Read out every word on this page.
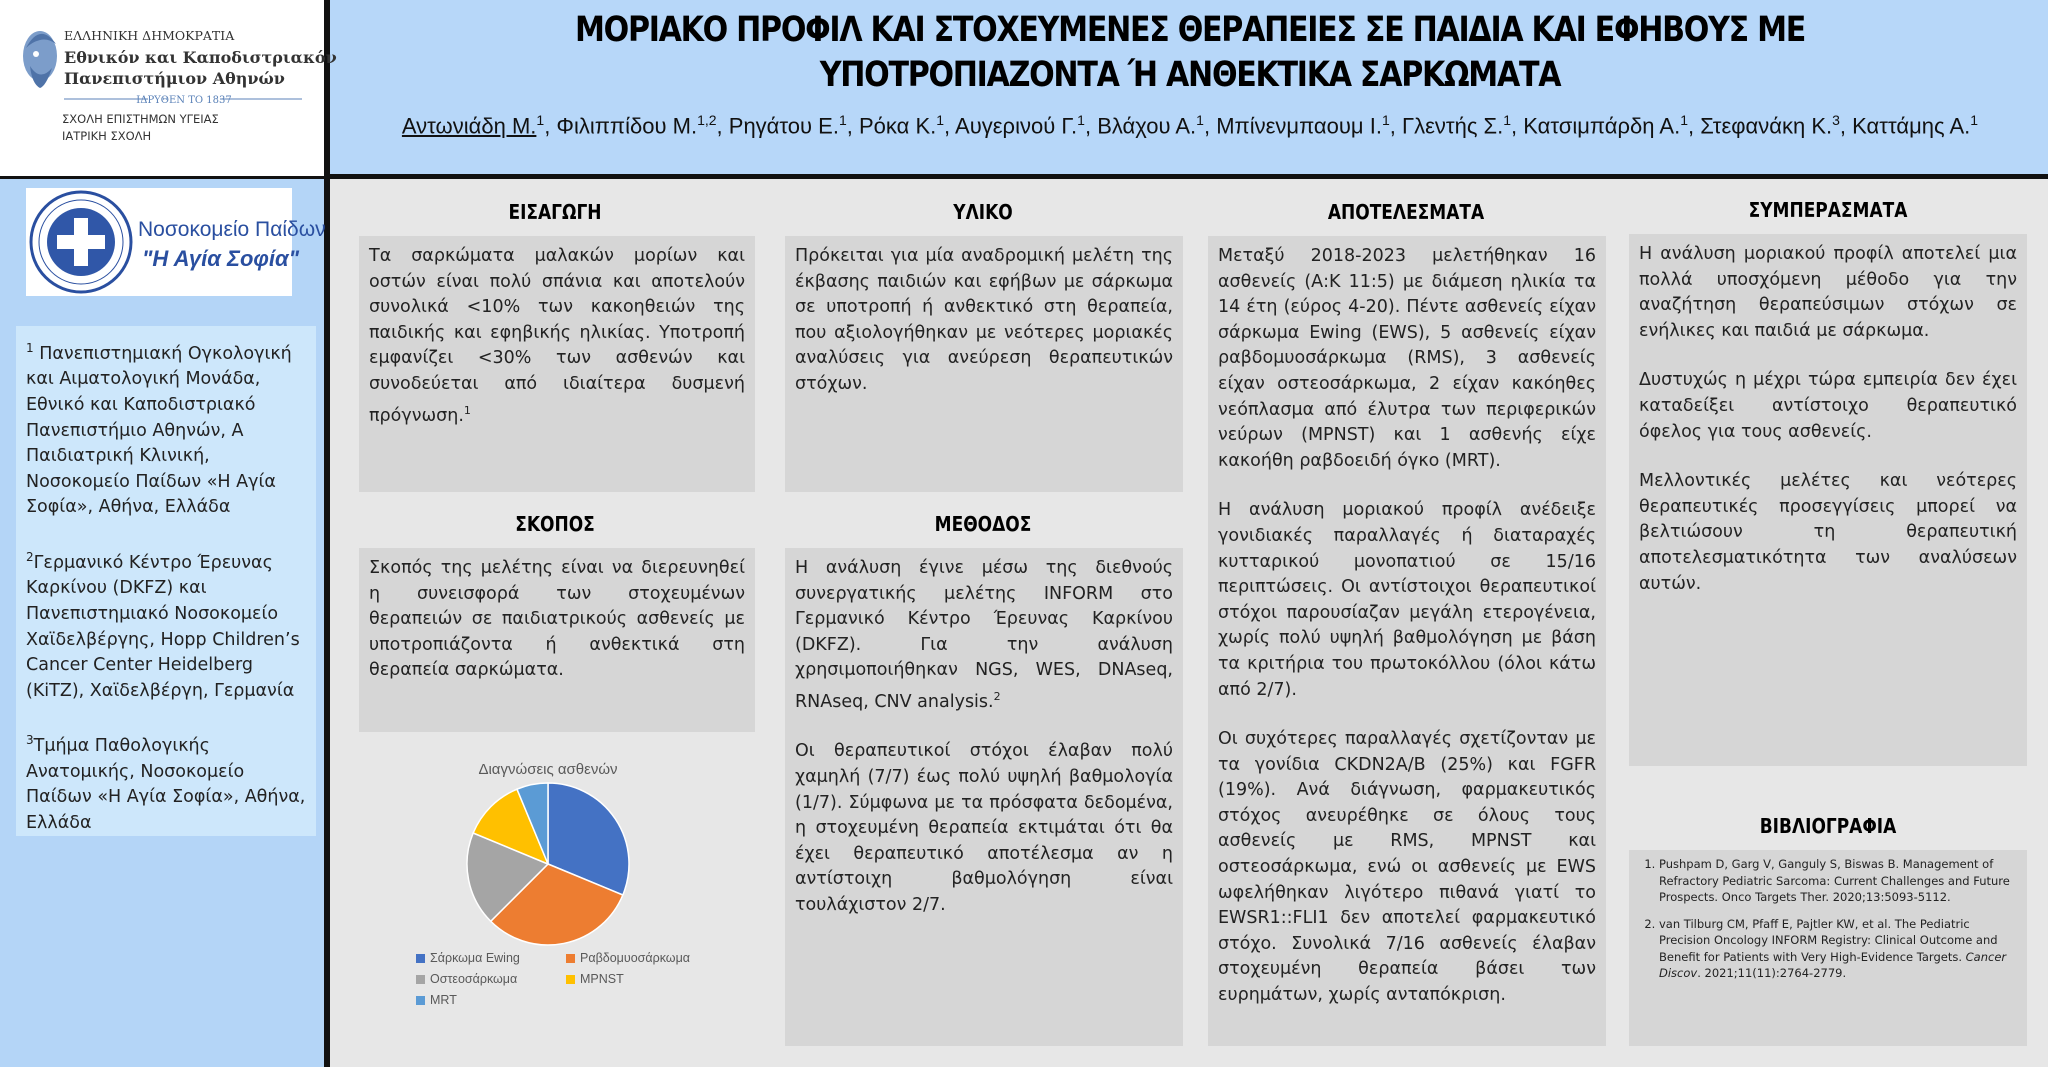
ΕΛΛΗΝΙΚΗ ΔΗΜΟΚΡΑΤΙΑ
Εθνικόν και Καποδιστριακόν
Πανεπιστήμιον Αθηνών
ΙΔΡΥΘΕΝ ΤΟ 1837
ΣΧΟΛΗ ΕΠΙΣΤΗΜΩΝ ΥΓΕΙΑΣ
ΙΑΤΡΙΚΗ ΣΧΟΛΗ
Νοσοκομείο Παίδων
"Η Αγία Σοφία"
ΜΟΡΙΑΚΟ ΠΡΟΦΙΛ ΚΑΙ ΣΤΟΧΕΥΜΕΝΕΣ ΘΕΡΑΠΕΙΕΣ ΣΕ ΠΑΙΔΙΑ ΚΑΙ ΕΦΗΒΟΥΣ ΜΕ ΥΠΟΤΡΟΠΙΑΖΟΝΤΑ Ή ΑΝΘΕΚΤΙΚΑ ΣΑΡΚΩΜΑΤΑ
Αντωνιάδη Μ.$^1$, Φιλιππίδου Μ.$^{1,2}$, Ρηγάτου Ε.$^1$, Ρόκα Κ.$^1$, Αυγερινού Γ.$^1$, Βλάχου Α.$^1$, Μπίνενμπαουμ Ι.$^1$, Γλεντής Σ.$^1$, Κατσιμπάρδη Α.$^1$, Στεφανάκη Κ.$^3$, Καττάμης Α.$^1$

$^1$ Πανεπιστημιακή Ογκολογική και Αιματολογική Μονάδα, Εθνικό και Καποδιστριακό Πανεπιστήμιο Αθηνών, Α Παιδιατρική Κλινική, Νοσοκομείο Παίδων «Η Αγία Σοφία», Αθήνα, Ελλάδα

$^2$Γερμανικό Κέντρο Έρευνας Καρκίνου (DKFZ) και Πανεπιστημιακό Νοσοκομείο Χαϊδελβέργης, Hopp Children’s Cancer Center Heidelberg (KiTZ), Χαϊδελβέργη, Γερμανία

$^3$Τμήμα Παθολογικής Ανατομικής, Νοσοκομείο Παίδων «Η Αγία Σοφία», Αθήνα, Ελλάδα

ΕΙΣΑΓΩΓΗ

Τα σαρκώματα μαλακών μορίων και οστών είναι πολύ σπάνια και αποτελούν συνολικά <10% των κακοηθειών της παιδικής και εφηβικής ηλικίας. Υποτροπή εμφανίζει <30% των ασθενών και συνοδεύεται από ιδιαίτερα δυσμενή πρόγνωση.$^1$

ΣΚΟΠΟΣ

Σκοπός της μελέτης είναι να διερευνηθεί η συνεισφορά των στοχευμένων θεραπειών σε παιδιατρικούς ασθενείς με υποτροπιάζοντα ή ανθεκτικά στη θεραπεία σαρκώματα.

Διαγνώσεις ασθενών
Σάρκωμα Ewing	Ραβδομυοσάρκωμα
Οστεοσάρκωμα	MPNST
MRT
ΥΛΙΚΟ

Πρόκειται για μία αναδρομική μελέτη της έκβασης παιδιών και εφήβων με σάρκωμα σε υποτροπή ή ανθεκτικό στη θεραπεία, που αξιολογήθηκαν με νεότερες μοριακές αναλύσεις για ανεύρεση θεραπευτικών στόχων.

ΜΕΘΟΔΟΣ

Η ανάλυση έγινε μέσω της διεθνούς συνεργατικής μελέτης INFORM στο Γερμανικό Κέντρο Έρευνας Καρκίνου (DKFZ). Για την ανάλυση χρησιμοποιήθηκαν NGS, WES, DNAseq, RNAseq, CNV analysis.$^2$

Οι θεραπευτικοί στόχοι έλαβαν πολύ χαμηλή (7/7) έως πολύ υψηλή βαθμολογία (1/7). Σύμφωνα με τα πρόσφατα δεδομένα, η στοχευμένη θεραπεία εκτιμάται ότι θα έχει θεραπευτικό αποτέλεσμα αν η αντίστοιχη βαθμολόγηση είναι τουλάχιστον 2/7.

ΑΠΟΤΕΛΕΣΜΑΤΑ

Μεταξύ 2018-2023 μελετήθηκαν 16 ασθενείς (Α:Κ 11:5) με διάμεση ηλικία τα 14 έτη (εύρος 4-20). Πέντε ασθενείς είχαν σάρκωμα Ewing (EWS), 5 ασθενείς είχαν ραβδομυοσάρκωμα (RMS), 3 ασθενείς είχαν οστεοσάρκωμα, 2 είχαν κακόηθες νεόπλασμα από έλυτρα των περιφερικών νεύρων (MPNST) και 1 ασθενής είχε κακοήθη ραβδοειδή όγκο (MRT).

Η ανάλυση μοριακού προφίλ ανέδειξε γονιδιακές παραλλαγές ή διαταραχές κυτταρικού μονοπατιού σε 15/16 περιπτώσεις. Οι αντίστοιχοι θεραπευτικοί στόχοι παρουσίαζαν μεγάλη ετερογένεια, χωρίς πολύ υψηλή βαθμολόγηση με βάση τα κριτήρια του πρωτοκόλλου (όλοι κάτω από 2/7).

Οι συχότερες παραλλαγές σχετίζονταν με τα γονίδια CKDN2A/B (25%) και FGFR (19%). Ανά διάγνωση, φαρμακευτικός στόχος ανευρέθηκε σε όλους τους ασθενείς με RMS, MPNST και οστεοσάρκωμα, ενώ οι ασθενείς με EWS ωφελήθηκαν λιγότερο πιθανά γιατί το EWSR1::FLI1 δεν αποτελεί φαρμακευτικό στόχο. Συνολικά 7/16 ασθενείς έλαβαν στοχευμένη θεραπεία βάσει των ευρημάτων, χωρίς ανταπόκριση.

ΣΥΜΠΕΡΑΣΜΑΤΑ

Η ανάλυση μοριακού προφίλ αποτελεί μια πολλά υποσχόμενη μέθοδο για την αναζήτηση θεραπεύσιμων στόχων σε ενήλικες και παιδιά με σάρκωμα.

Δυστυχώς η μέχρι τώρα εμπειρία δεν έχει καταδείξει αντίστοιχο θεραπευτικό όφελος για τους ασθενείς.

Μελλοντικές μελέτες και νεότερες θεραπευτικές προσεγγίσεις μπορεί να βελτιώσουν τη θεραπευτική αποτελεσματικότητα των αναλύσεων αυτών.

ΒΙΒΛΙΟΓΡΑΦΙΑ
1. Pushpam D, Garg V, Ganguly S, Biswas B. Management of Refractory Pediatric Sarcoma: Current Challenges and Future Prospects. Onco Targets Ther. 2020;13:5093-5112.
2. van Tilburg CM, Pfaff E, Pajtler KW, et al. The Pediatric Precision Oncology INFORM Registry: Clinical Outcome and Benefit for Patients with Very High-Evidence Targets. Cancer Discov. 2021;11(11):2764-2779.
